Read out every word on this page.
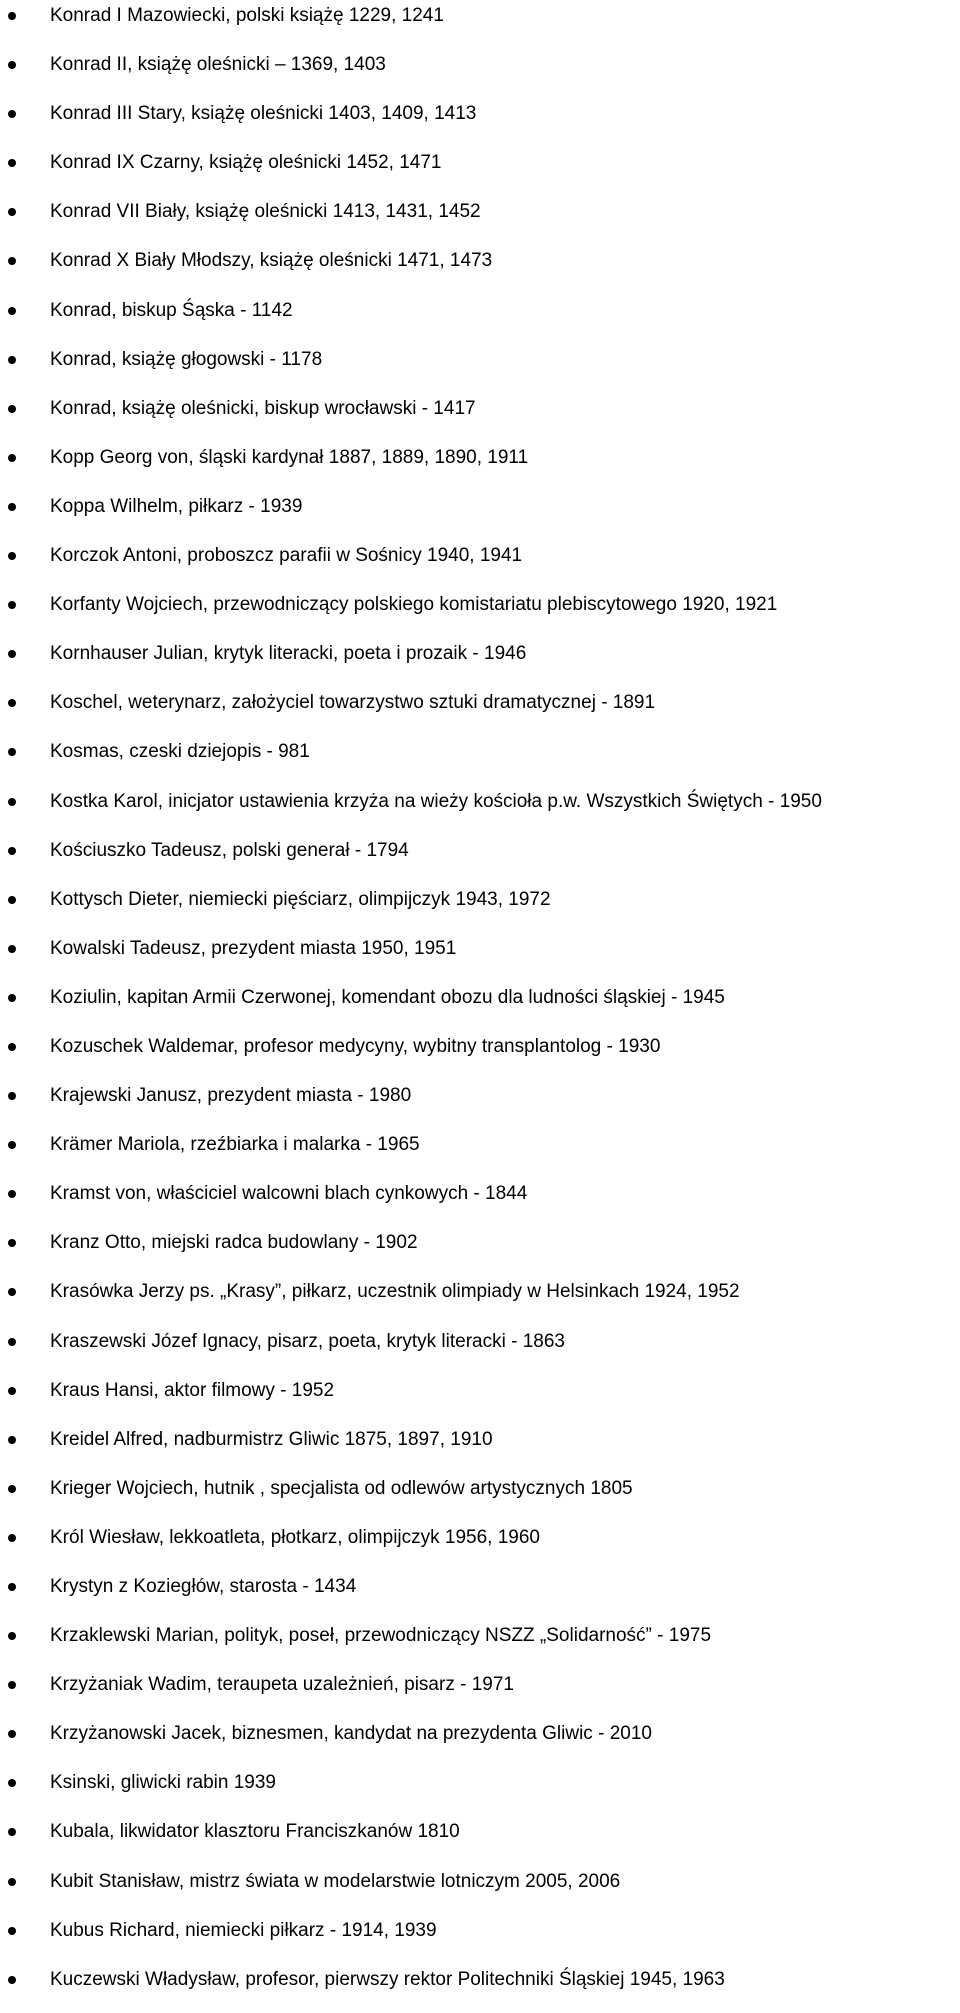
Konrad I Mazowiecki, polski książę 1229, 1241
Konrad II, książę oleśnicki – 1369, 1403
Konrad III Stary, książę oleśnicki 1403, 1409, 1413
Konrad IX Czarny, książę oleśnicki 1452, 1471
Konrad VII Biały, książę oleśnicki 1413, 1431, 1452
Konrad X Biały Młodszy, książę oleśnicki 1471, 1473
Konrad, biskup Śąska - 1142
Konrad, książę głogowski - 1178
Konrad, książę oleśnicki, biskup wrocławski - 1417
Kopp Georg von, śląski kardynał 1887, 1889, 1890, 1911
Koppa Wilhelm, piłkarz - 1939
Korczok Antoni, proboszcz parafii w Sośnicy 1940, 1941
Korfanty Wojciech, przewodniczący polskiego komistariatu plebiscytowego 1920, 1921
Kornhauser Julian, krytyk literacki, poeta i prozaik - 1946
Koschel, weterynarz, założyciel towarzystwo sztuki dramatycznej - 1891
Kosmas, czeski dziejopis - 981
Kostka Karol, inicjator ustawienia krzyża na wieży kościoła p.w. Wszystkich Świętych - 1950
Kościuszko Tadeusz, polski generał - 1794
Kottysch Dieter, niemiecki pięściarz, olimpijczyk 1943, 1972
Kowalski Tadeusz, prezydent miasta 1950, 1951
Koziulin, kapitan Armii Czerwonej, komendant obozu dla ludności śląskiej - 1945
Kozuschek Waldemar, profesor medycyny, wybitny transplantolog - 1930
Krajewski Janusz, prezydent miasta - 1980
Krämer Mariola, rzeźbiarka i malarka - 1965
Kramst von, właściciel walcowni blach cynkowych - 1844
Kranz Otto, miejski radca budowlany - 1902
Krasówka Jerzy ps. „Krasy”, piłkarz, uczestnik olimpiady w Helsinkach 1924, 1952
Kraszewski Józef Ignacy, pisarz, poeta, krytyk literacki - 1863
Kraus Hansi, aktor filmowy - 1952
Kreidel Alfred, nadburmistrz Gliwic 1875, 1897, 1910
Krieger Wojciech, hutnik , specjalista od odlewów artystycznych 1805
Król Wiesław, lekkoatleta, płotkarz, olimpijczyk 1956, 1960
Krystyn z Koziegłów, starosta - 1434
Krzaklewski Marian, polityk, poseł, przewodniczący NSZZ „Solidarność” - 1975
Krzyżaniak Wadim, teraupeta uzależnień, pisarz - 1971
Krzyżanowski Jacek, biznesmen, kandydat na prezydenta Gliwic - 2010
Ksinski, gliwicki rabin 1939
Kubala, likwidator klasztoru Franciszkanów 1810
Kubit Stanisław, mistrz świata w modelarstwie lotniczym 2005, 2006
Kubus Richard, niemiecki piłkarz - 1914, 1939
Kuczewski Władysław, profesor, pierwszy rektor Politechniki Śląskiej 1945, 1963
